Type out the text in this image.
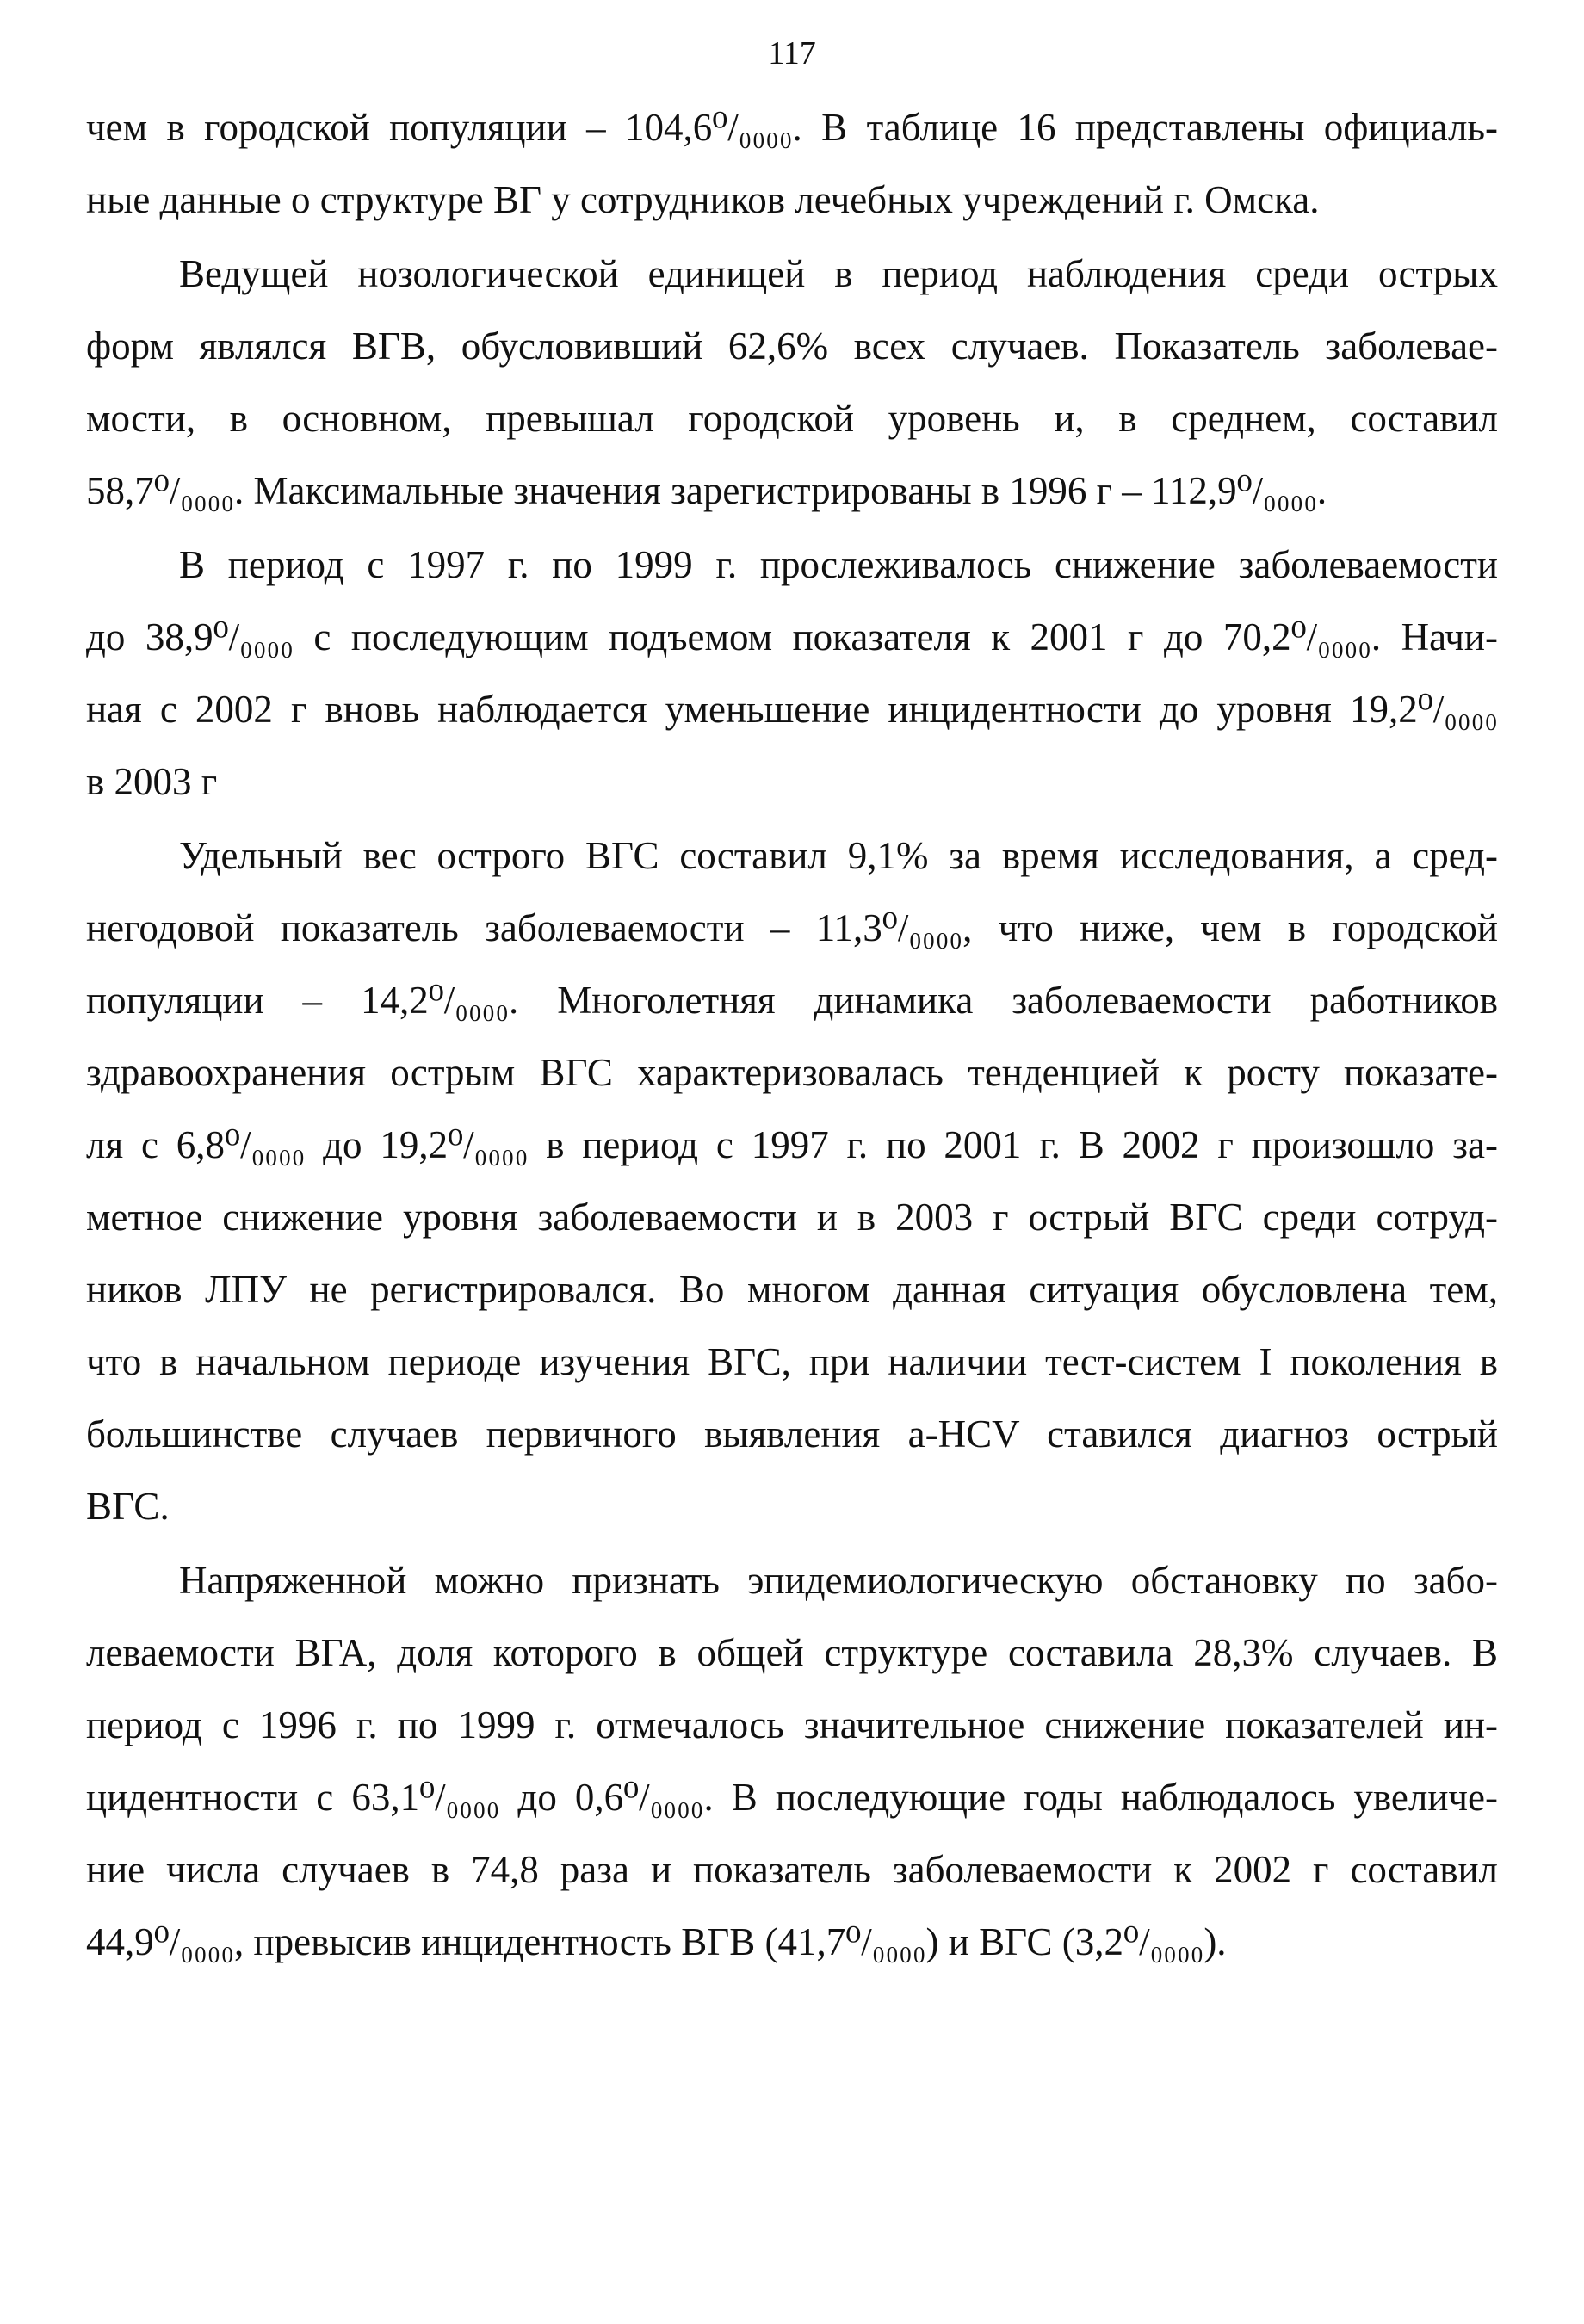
117

чем в городской популяции – 104,6⁰/₀₀₀₀. В таблице 16 представлены официаль-
ные данные о структуре ВГ у сотрудников лечебных учреждений г. Омска.

Ведущей нозологической единицей в период наблюдения среди острых
форм являлся ВГВ, обусловивший 62,6% всех случаев. Показатель заболевае-
мости, в основном, превышал городской уровень и, в среднем, составил
58,7⁰/₀₀₀₀. Максимальные значения зарегистрированы в 1996 г – 112,9⁰/₀₀₀₀.

В период с 1997 г. по 1999 г. прослеживалось снижение заболеваемости
до 38,9⁰/₀₀₀₀ с последующим подъемом показателя к 2001 г до 70,2⁰/₀₀₀₀. Начи-
ная с 2002 г вновь наблюдается уменьшение инцидентности до уровня 19,2⁰/₀₀₀₀
в 2003 г

Удельный вес острого ВГС составил 9,1% за время исследования, а сред-
негодовой показатель заболеваемости – 11,3⁰/₀₀₀₀, что ниже, чем в городской
популяции – 14,2⁰/₀₀₀₀. Многолетняя динамика заболеваемости работников
здравоохранения острым ВГС характеризовалась тенденцией к росту показате-
ля с 6,8⁰/₀₀₀₀ до 19,2⁰/₀₀₀₀ в период с 1997 г. по 2001 г. В 2002 г произошло за-
метное снижение уровня заболеваемости и в 2003 г острый ВГС среди сотруд-
ников ЛПУ не регистрировался. Во многом данная ситуация обусловлена тем,
что в начальном периоде изучения ВГС, при наличии тест-систем I поколения в
большинстве случаев первичного выявления a-HCV ставился диагноз острый
ВГС.

Напряженной можно признать эпидемиологическую обстановку по забо-
леваемости ВГА, доля которого в общей структуре составила 28,3% случаев. В
период с 1996 г. по 1999 г. отмечалось значительное снижение показателей ин-
цидентности с 63,1⁰/₀₀₀₀ до 0,6⁰/₀₀₀₀. В последующие годы наблюдалось увеличе-
ние числа случаев в 74,8 раза и показатель заболеваемости к 2002 г составил
44,9⁰/₀₀₀₀, превысив инцидентность ВГВ (41,7⁰/₀₀₀₀) и ВГС (3,2⁰/₀₀₀₀).
